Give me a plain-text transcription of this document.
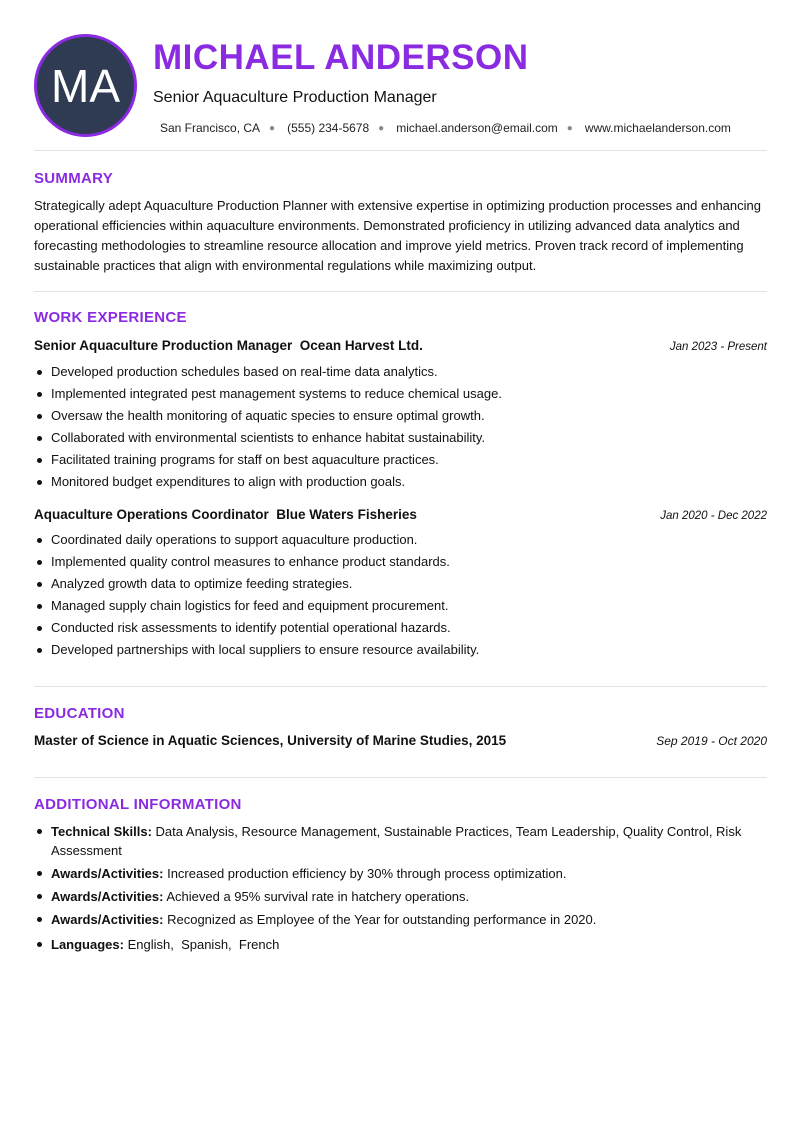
MA
MICHAEL ANDERSON
Senior Aquaculture Production Manager
San Francisco, CA ● (555) 234-5678 ● michael.anderson@email.com ● www.michaelanderson.com
SUMMARY
Strategically adept Aquaculture Production Planner with extensive expertise in optimizing production processes and enhancing operational efficiencies within aquaculture environments. Demonstrated proficiency in utilizing advanced data analytics and forecasting methodologies to streamline resource allocation and improve yield metrics. Proven track record of implementing sustainable practices that align with environmental regulations while maximizing output.
WORK EXPERIENCE
Senior Aquaculture Production Manager Ocean Harvest Ltd.	Jan 2023 - Present
Developed production schedules based on real-time data analytics.
Implemented integrated pest management systems to reduce chemical usage.
Oversaw the health monitoring of aquatic species to ensure optimal growth.
Collaborated with environmental scientists to enhance habitat sustainability.
Facilitated training programs for staff on best aquaculture practices.
Monitored budget expenditures to align with production goals.
Aquaculture Operations Coordinator Blue Waters Fisheries	Jan 2020 - Dec 2022
Coordinated daily operations to support aquaculture production.
Implemented quality control measures to enhance product standards.
Analyzed growth data to optimize feeding strategies.
Managed supply chain logistics for feed and equipment procurement.
Conducted risk assessments to identify potential operational hazards.
Developed partnerships with local suppliers to ensure resource availability.
EDUCATION
Master of Science in Aquatic Sciences, University of Marine Studies, 2015	Sep 2019 - Oct 2020
ADDITIONAL INFORMATION
Technical Skills: Data Analysis, Resource Management, Sustainable Practices, Team Leadership, Quality Control, Risk Assessment
Awards/Activities: Increased production efficiency by 30% through process optimization.
Awards/Activities: Achieved a 95% survival rate in hatchery operations.
Awards/Activities: Recognized as Employee of the Year for outstanding performance in 2020.
Languages: English,  Spanish,  French
